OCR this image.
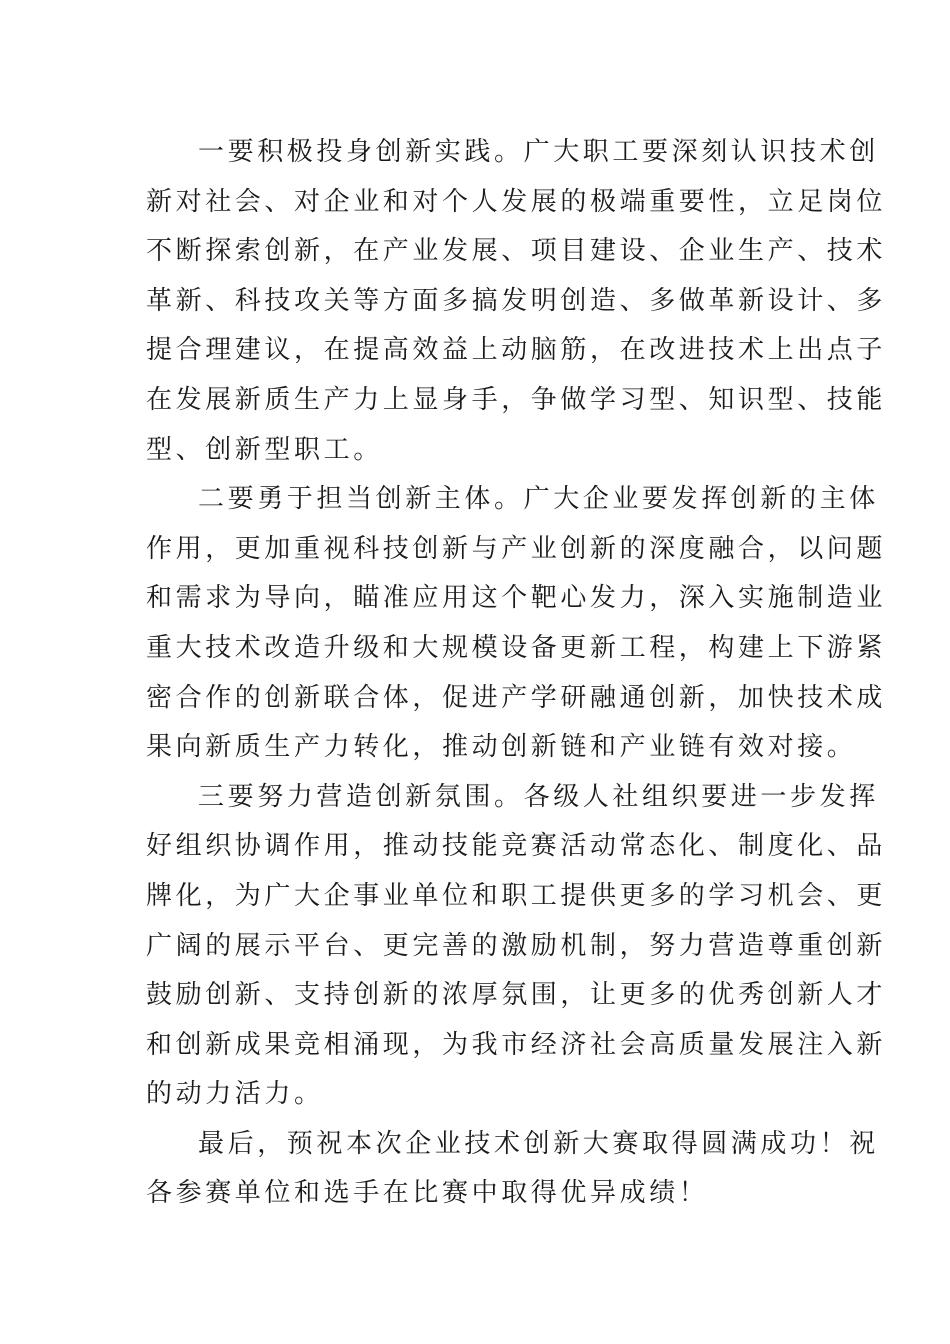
一要积极投身创新实践。广大职工要深刻认识技术创
新对社会、对企业和对个人发展的极端重要性，立足岗位
不断探索创新，在产业发展、项目建设、企业生产、技术
革新、科技攻关等方面多搞发明创造、多做革新设计、多
提合理建议，在提高效益上动脑筋，在改进技术上出点子
在发展新质生产力上显身手，争做学习型、知识型、技能
型、创新型职工。
二要勇于担当创新主体。广大企业要发挥创新的主体
作用，更加重视科技创新与产业创新的深度融合，以问题
和需求为导向，瞄准应用这个靶心发力，深入实施制造业
重大技术改造升级和大规模设备更新工程，构建上下游紧
密合作的创新联合体，促进产学研融通创新，加快技术成
果向新质生产力转化，推动创新链和产业链有效对接。
三要努力营造创新氛围。各级人社组织要进一步发挥
好组织协调作用，推动技能竞赛活动常态化、制度化、品
牌化，为广大企事业单位和职工提供更多的学习机会、更
广阔的展示平台、更完善的激励机制，努力营造尊重创新
鼓励创新、支持创新的浓厚氛围，让更多的优秀创新人才
和创新成果竞相涌现，为我市经济社会高质量发展注入新
的动力活力。
最后，预祝本次企业技术创新大赛取得圆满成功！祝
各参赛单位和选手在比赛中取得优异成绩！
